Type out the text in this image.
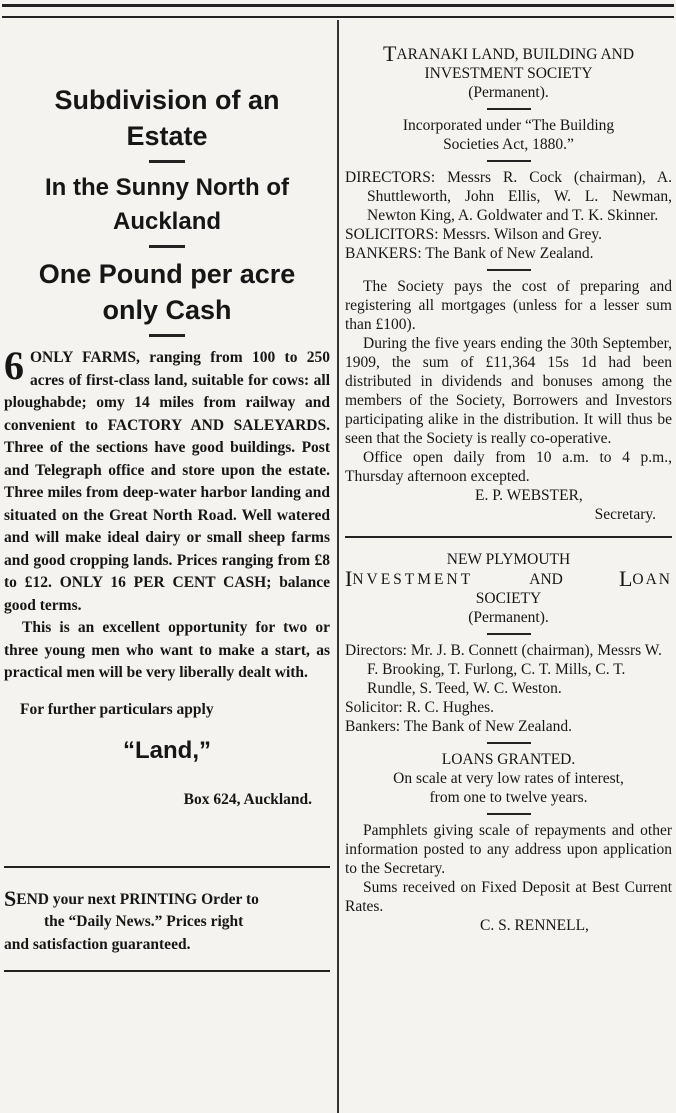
Subdivision of an
Estate
In the Sunny North of
Auckland
One Pound per acre
only Cash
6 ONLY FARMS, ranging from 100 to 250 acres of first-class land, suitable for cows: all ploughabde; omy 14 miles from railway and convenient to FACTORY AND SALEYARDS. Three of the sections have good buildings. Post and Telegraph office and store upon the estate. Three miles from deep-water harbor landing and situated on the Great North Road. Well watered and will make ideal dairy or small sheep farms and good cropping lands. Prices ranging from £8 to £12. ONLY 16 PER CENT CASH; balance good terms.
This is an excellent opportunity for two or three young men who want to make a start, as practical men will be very liberally dealt with.
For further particulars apply
“Land,”
Box 624, Auckland.
SEND your next PRINTING Order to
the “Daily News.” Prices right
and satisfaction guaranteed.
TARANAKI LAND, BUILDING AND
INVESTMENT SOCIETY
(Permanent).
Incorporated under “The Building
Societies Act, 1880.”
DIRECTORS: Messrs R. Cock (chairman), A. Shuttleworth, John Ellis, W. L. Newman, Newton King, A. Goldwater and T. K. Skinner.
SOLICITORS: Messrs. Wilson and Grey.
BANKERS: The Bank of New Zealand.
The Society pays the cost of preparing and registering all mortgages (unless for a lesser sum than £100).
During the five years ending the 30th September, 1909, the sum of £11,364 15s 1d had been distributed in dividends and bonuses among the members of the Society, Borrowers and Investors participating alike in the distribution. It will thus be seen that the Society is really co-operative.
Office open daily from 10 a.m. to 4 p.m., Thursday afternoon excepted.
E. P. WEBSTER,
Secretary.
NEW PLYMOUTH
INVESTMENT	AND	LOAN
SOCIETY
(Permanent).
Directors: Mr. J. B. Connett (chairman), Messrs W. F. Brooking, T. Furlong, C. T. Mills, C. T. Rundle, S. Teed, W. C. Weston.
Solicitor: R. C. Hughes.
Bankers: The Bank of New Zealand.
LOANS GRANTED.
On scale at very low rates of interest,
from one to twelve years.
Pamphlets giving scale of repayments and other information posted to any address upon application to the Secretary.
Sums received on Fixed Deposit at Best Current Rates.
C. S. RENNELL,
